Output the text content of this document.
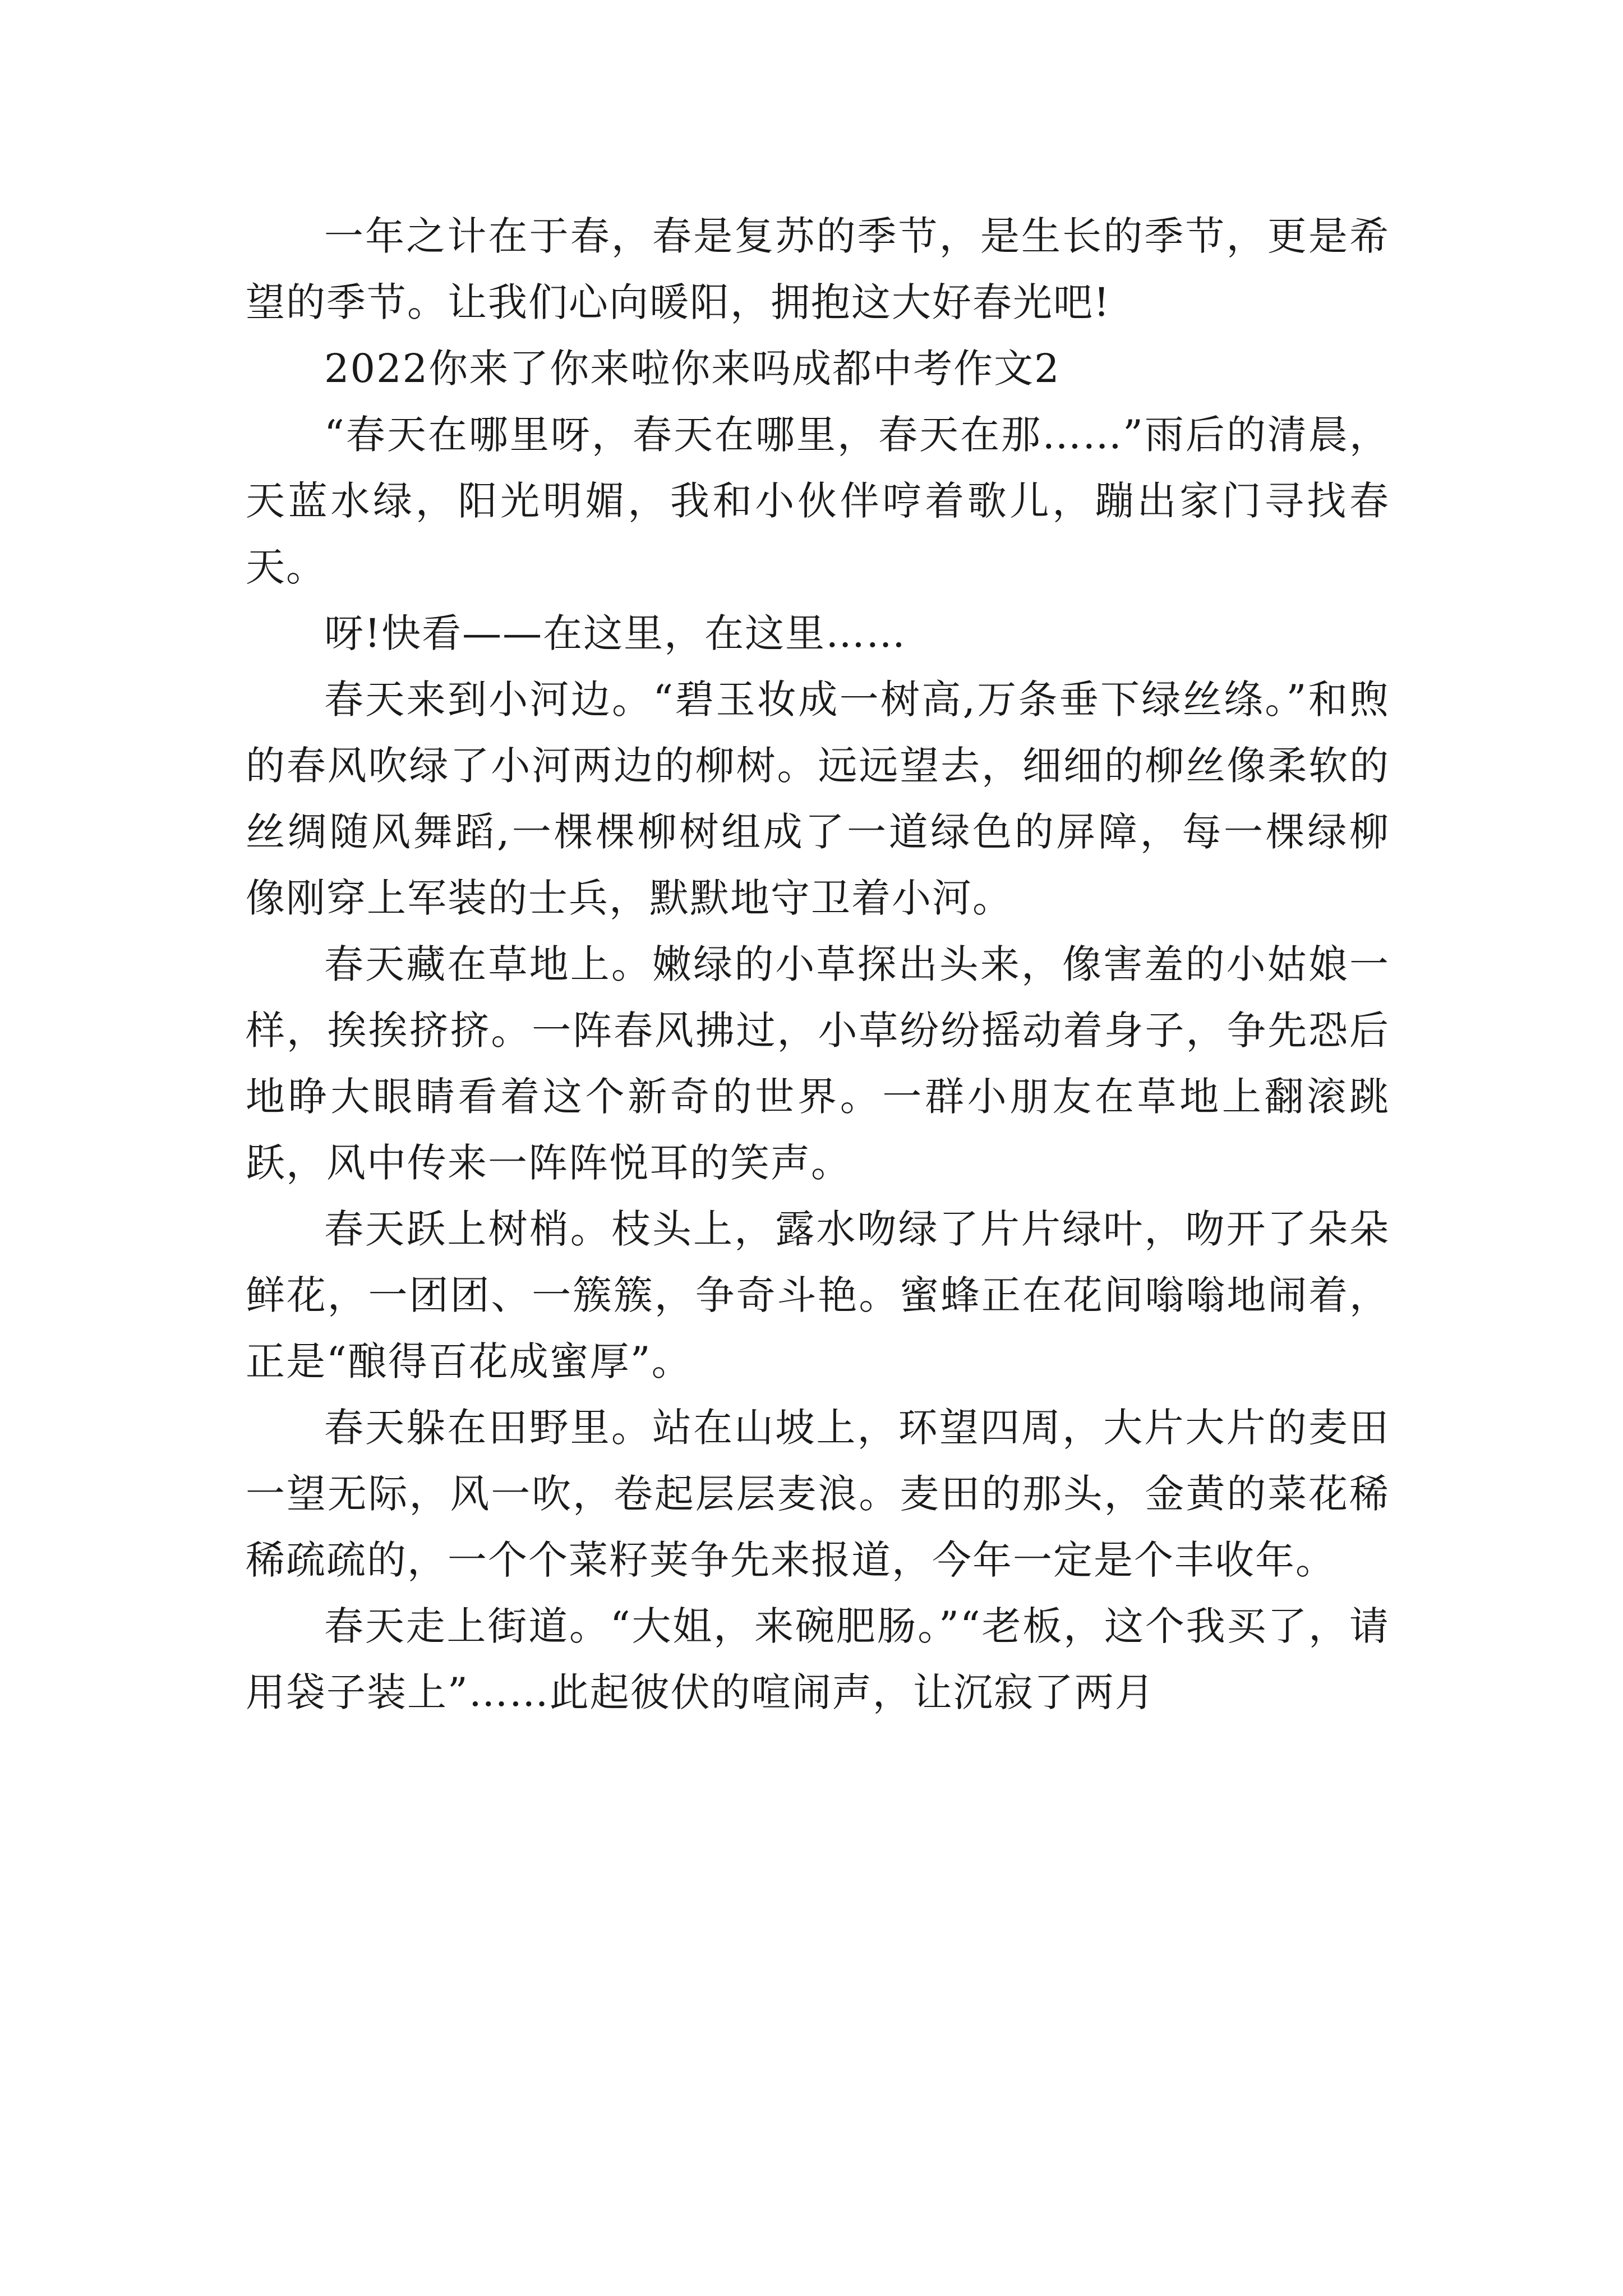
一年之计在于春，春是复苏的季节，是生长的季节，更是希望的季节。让我们心向暖阳，拥抱这大好春光吧!

2022你来了你来啦你来吗成都中考作文2

“春天在哪里呀，春天在哪里，春天在那……”雨后的清晨，天蓝水绿，阳光明媚，我和小伙伴哼着歌儿，蹦出家门寻找春天。

呀!快看——在这里，在这里……

春天来到小河边。“碧玉妆成一树高,万条垂下绿丝绦。”和煦的春风吹绿了小河两边的柳树。远远望去，细细的柳丝像柔软的丝绸随风舞蹈,一棵棵柳树组成了一道绿色的屏障，每一棵绿柳像刚穿上军装的士兵，默默地守卫着小河。

春天藏在草地上。嫩绿的小草探出头来，像害羞的小姑娘一样，挨挨挤挤。一阵春风拂过，小草纷纷摇动着身子，争先恐后地睁大眼睛看着这个新奇的世界。一群小朋友在草地上翻滚跳跃，风中传来一阵阵悦耳的笑声。

春天跃上树梢。枝头上，露水吻绿了片片绿叶，吻开了朵朵鲜花，一团团、一簇簇，争奇斗艳。蜜蜂正在花间嗡嗡地闹着，正是“酿得百花成蜜厚”。

春天躲在田野里。站在山坡上，环望四周，大片大片的麦田一望无际，风一吹，卷起层层麦浪。麦田的那头，金黄的菜花稀稀疏疏的，一个个菜籽荚争先来报道，今年一定是个丰收年。

春天走上街道。“大姐，来碗肥肠。”“老板，这个我买了，请用袋子装上”……此起彼伏的喧闹声，让沉寂了两月
